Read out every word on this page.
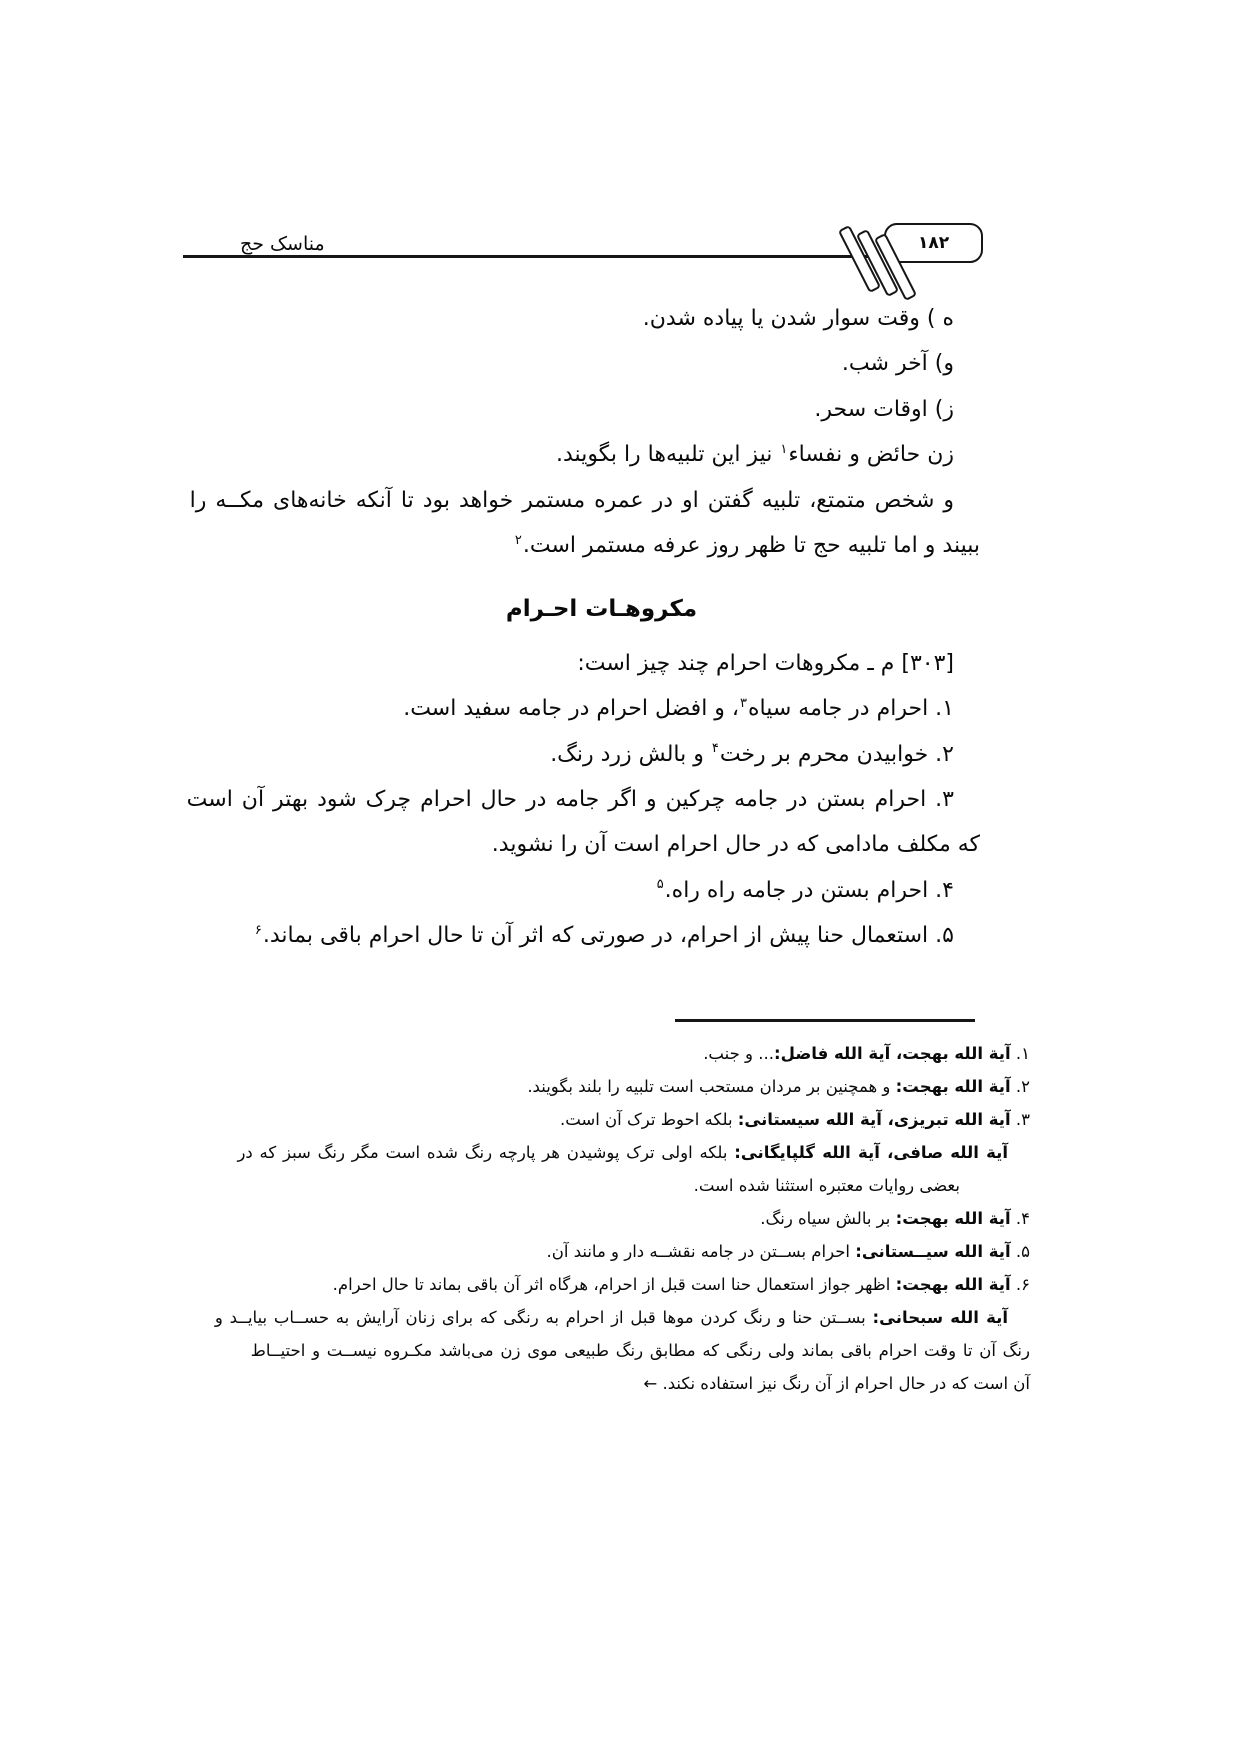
مناسک حج	١٨٢
ه ) وقت سوار شدن یا پیاده شدن.
و) آخر شب.
ز) اوقات سحر.
زن حائض و نفساء$^۱$ نیز این تلبیه‌ها را بگویند.
و شخص متمتع، تلبیه گفتن او در عمره مستمر خواهد بود تا آنکه خانه‌های مکــه را
ببیند و اما تلبیه حج تا ظهر روز عرفه مستمر است.$^۲$
مکروهـات احـرام
[۳۰۳] م ـ مکروهات احرام چند چیز است:
۱. احرام در جامه سیاه$^۳$، و افضل احرام در جامه سفید است.
۲. خوابیدن محرم بر رخت$^۴$ و بالش زرد رنگ.
۳. احرام بستن در جامه چرکین و اگر جامه در حال احرام چرک شود بهتر آن است
که مکلف مادامی که در حال احرام است آن را نشوید.
۴. احرام بستن در جامه راه راه.$^۵$
۵. استعمال حنا پیش از احرام، در صورتی که اثر آن تا حال احرام باقی بماند.$^۶$
۱. آیة الله بهجت، آیة الله فاضل:... و جنب.
۲. آیة الله بهجت: و همچنین بر مردان مستحب است تلبیه را بلند بگویند.
۳. آیة الله تبریزی، آیة الله سیستانی: بلکه احوط ترک آن است.
آیة الله صافی، آیة الله گلپایگانی: بلکه اولی ترک پوشیدن هر پارچه رنگ شده است مگر رنگ سبز که در
بعضی روایات معتبره استثنا شده است.
۴. آیة الله بهجت: بر بالش سیاه رنگ.
۵. آیة الله سیــستانی: احرام بســتن در جامه نقشــه دار و مانند آن.
۶. آیة الله بهجت: اظهر جواز استعمال حنا است قبل از احرام، هرگاه اثر آن باقی بماند تا حال احرام.
آیة الله سبحانی: بســتن حنا و رنگ کردن موها قبل از احرام به رنگی که برای زنان آرایش به حســاب بیایــد و
رنگ آن تا وقت احرام باقی بماند ولی رنگی که مطابق رنگ طبیعی موی زن می‌باشد مکـروه نیســت و احتیــاط
آن است که در حال احرام از آن رنگ نیز استفاده نکند. ←
